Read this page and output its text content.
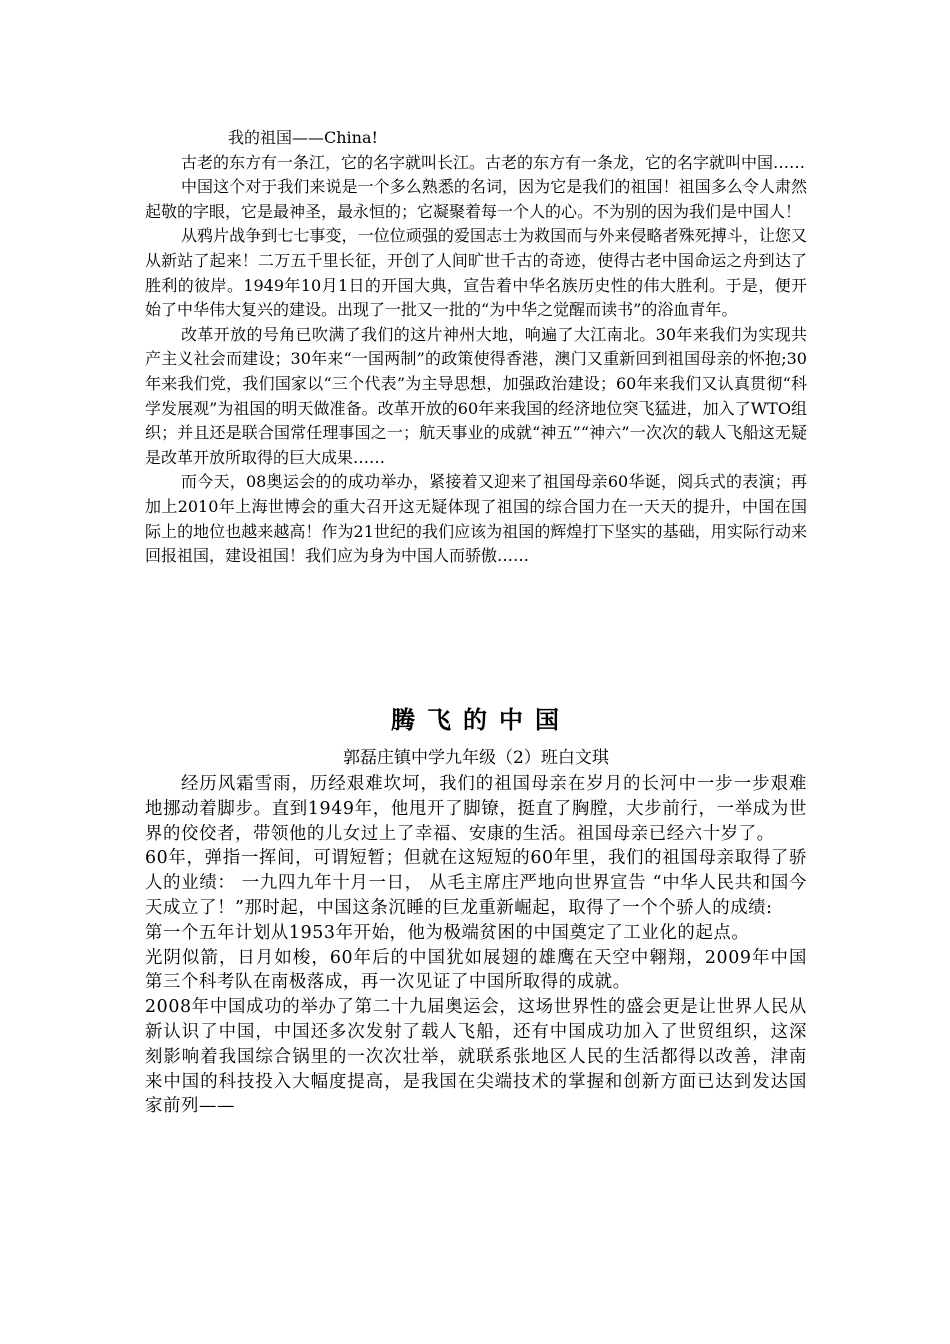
我的祖国——China!

古老的东方有一条江，它的名字就叫长江。古老的东方有一条龙，它的名字就叫中国……

中国这个对于我们来说是一个多么熟悉的名词，因为它是我们的祖国！祖国多么令人肃然起敬的字眼，它是最神圣，最永恒的；它凝聚着每一个人的心。不为别的因为我们是中国人！

从鸦片战争到七七事变，一位位顽强的爱国志士为救国而与外来侵略者殊死搏斗，让您又从新站了起来！二万五千里长征，开创了人间旷世千古的奇迹，使得古老中国命运之舟到达了胜利的彼岸。1949年10月1日的开国大典，宣告着中华名族历史性的伟大胜利。于是，便开始了中华伟大复兴的建设。出现了一批又一批的“为中华之觉醒而读书”的浴血青年。

改革开放的号角已吹满了我们的这片神州大地，响遍了大江南北。30年来我们为实现共产主义社会而建设；30年来“一国两制”的政策使得香港，澳门又重新回到祖国母亲的怀抱;30年来我们党，我们国家以“三个代表”为主导思想，加强政治建设；60年来我们又认真贯彻“科学发展观”为祖国的明天做准备。改革开放的60年来我国的经济地位突飞猛进，加入了WTO组织；并且还是联合国常任理事国之一；航天事业的成就“神五”“神六”一次次的载人飞船这无疑是改革开放所取得的巨大成果……

而今天，08奥运会的的成功举办，紧接着又迎来了祖国母亲60华诞，阅兵式的表演；再加上2010年上海世博会的重大召开这无疑体现了祖国的综合国力在一天天的提升，中国在国际上的地位也越来越高！作为21世纪的我们应该为祖国的辉煌打下坚实的基础，用实际行动来回报祖国，建设祖国！我们应为身为中国人而骄傲……

腾飞的中国

郭磊庄镇中学九年级（2）班白文琪

经历风霜雪雨，历经艰难坎坷，我们的祖国母亲在岁月的长河中一步一步艰难地挪动着脚步。直到1949年，他甩开了脚镣，挺直了胸膛，大步前行，一举成为世界的佼佼者，带领他的儿女过上了幸福、安康的生活。祖国母亲已经六十岁了。

60年，弹指一挥间，可谓短暂；但就在这短短的60年里，我们的祖国母亲取得了骄人的业绩： 一九四九年十月一日， 从毛主席庄严地向世界宣告 “中华人民共和国今天成立了！”那时起，中国这条沉睡的巨龙重新崛起，取得了一个个骄人的成绩:

第一个五年计划从1953年开始，他为极端贫困的中国奠定了工业化的起点。

光阴似箭，日月如梭，60年后的中国犹如展翅的雄鹰在天空中翱翔，2009年中国第三个科考队在南极落成，再一次见证了中国所取得的成就。

2008年中国成功的举办了第二十九届奥运会，这场世界性的盛会更是让世界人民从新认识了中国，中国还多次发射了载人飞船，还有中国成功加入了世贸组织，这深刻影响着我国综合锅里的一次次壮举，就联系张地区人民的生活都得以改善，津南来中国的科技投入大幅度提高，是我国在尖端技术的掌握和创新方面已达到发达国家前列——
